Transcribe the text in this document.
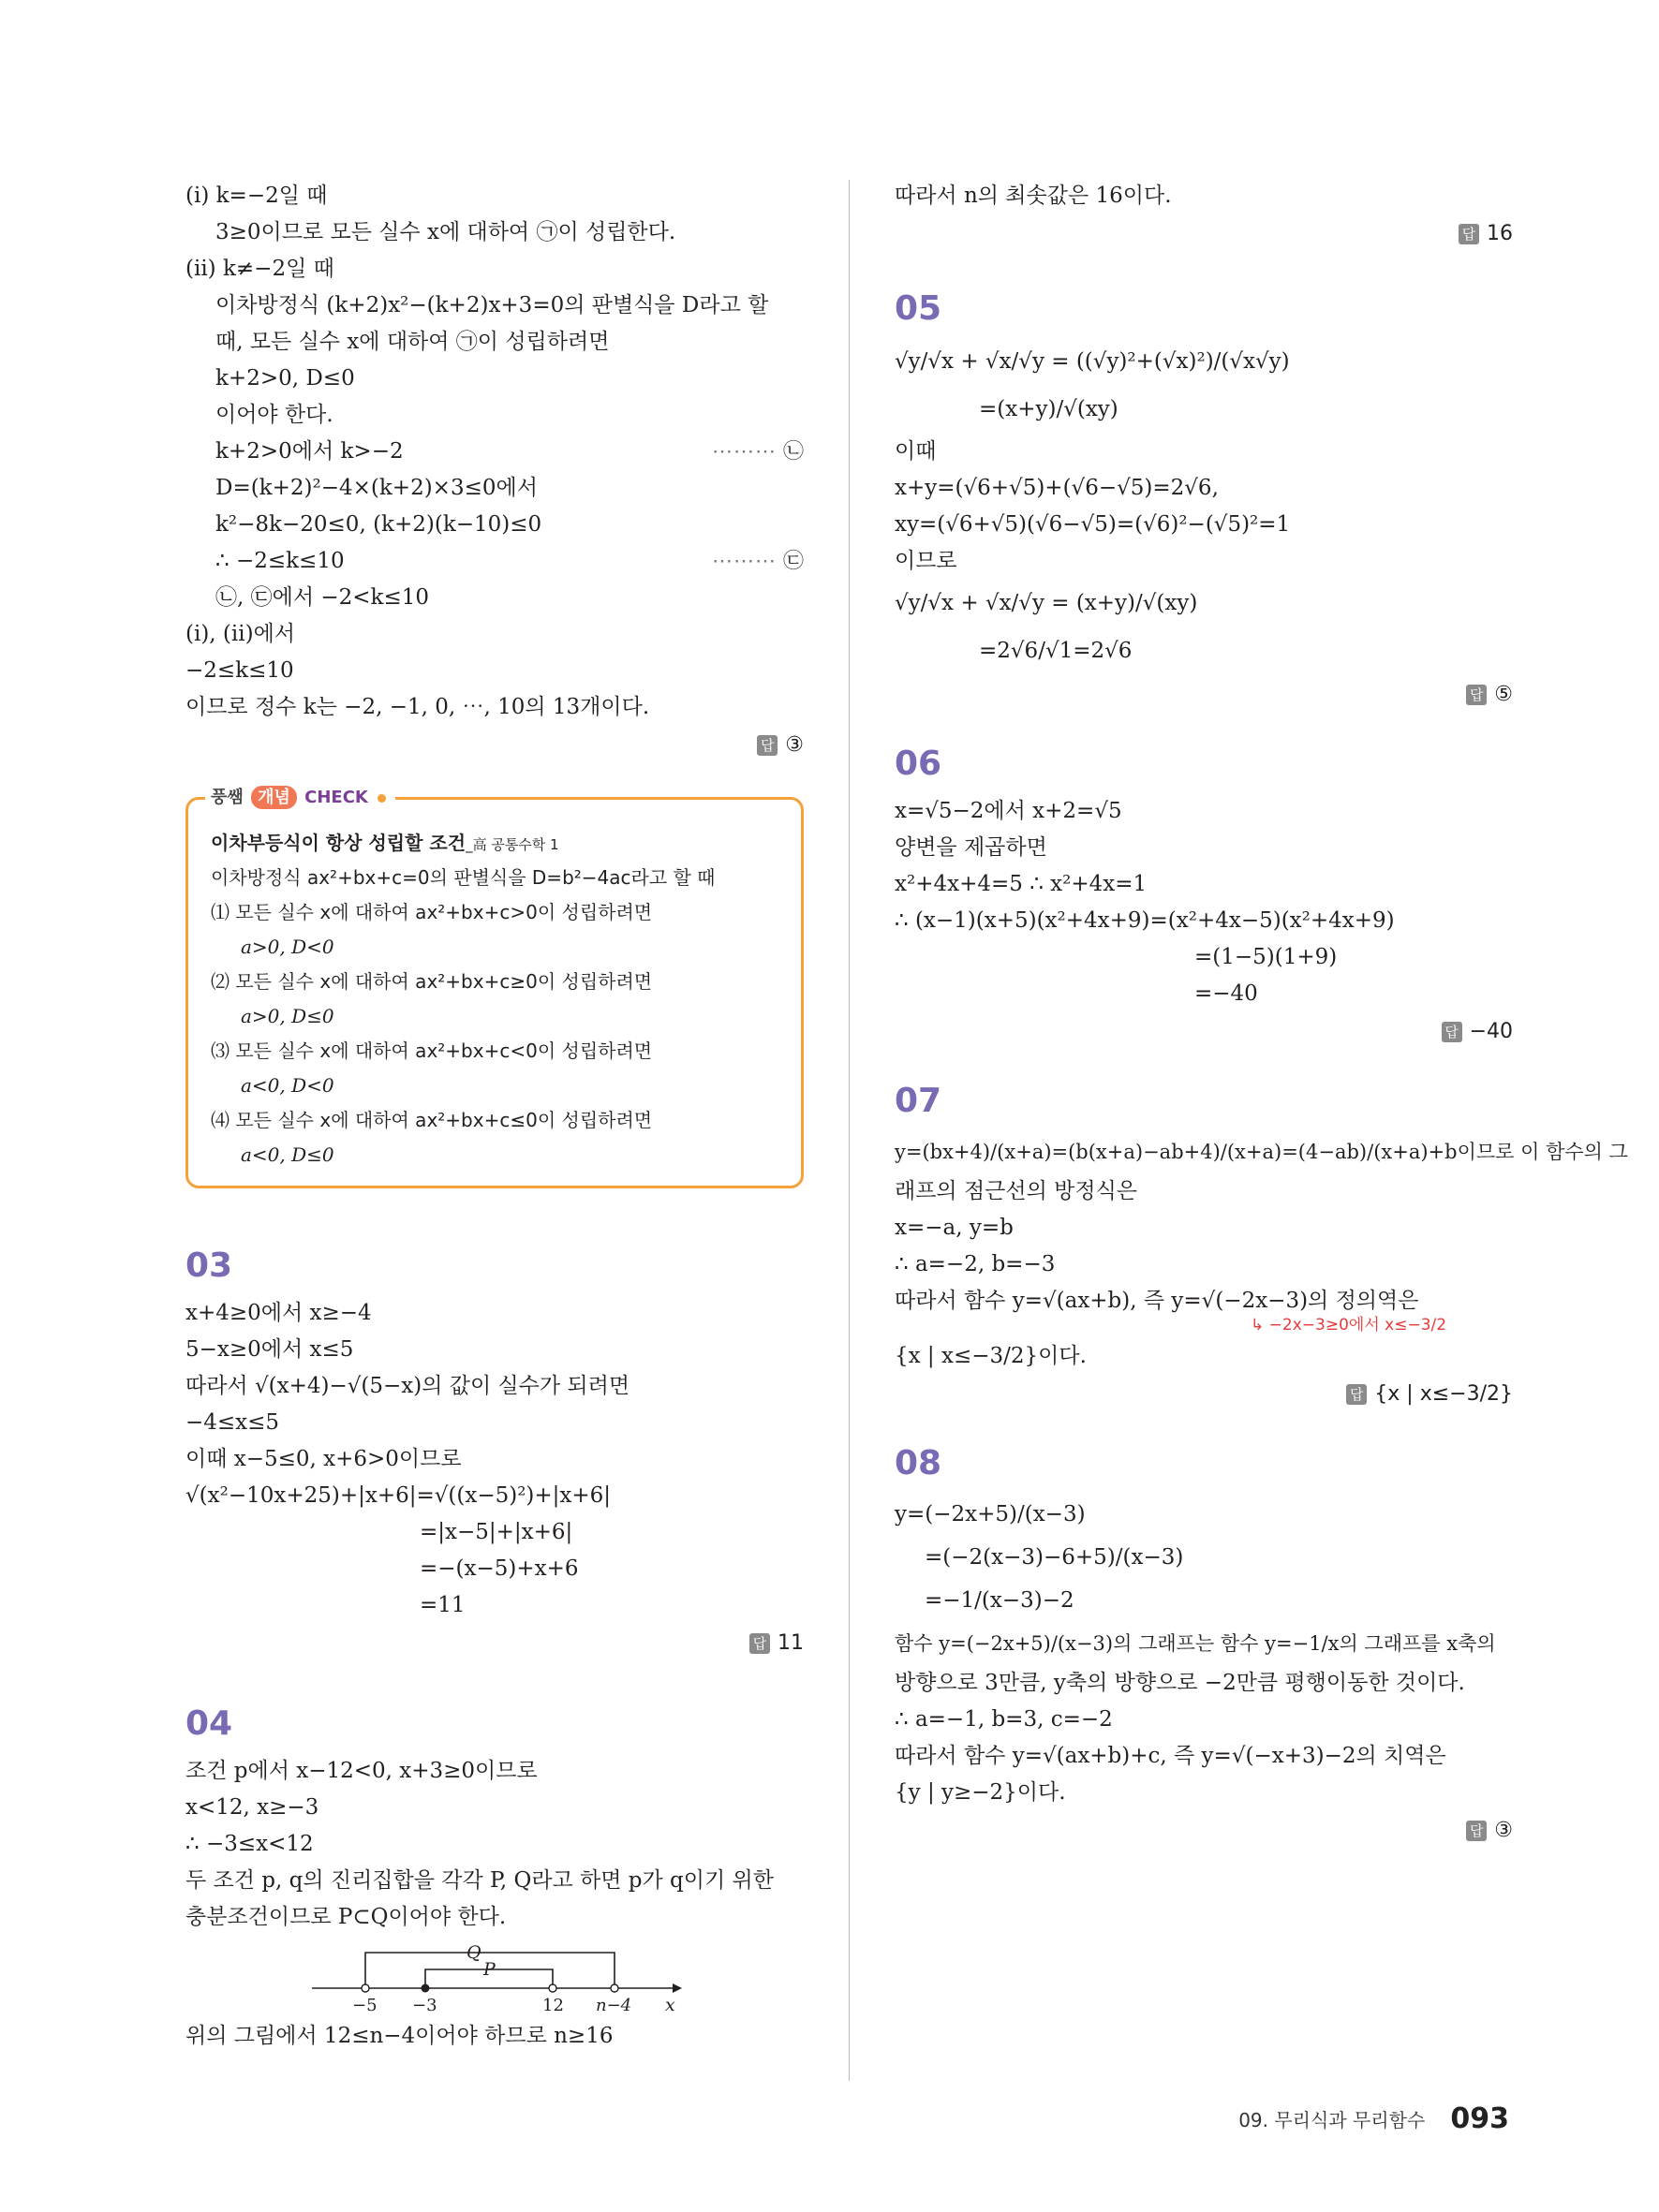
(ⅰ) k=−2일 때
3≥0이므로 모든 실수 x에 대하여 ㉠이 성립한다.
(ⅱ) k≠−2일 때
이차방정식 (k+2)x²−(k+2)x+3=0의 판별식을 D라고 할
때, 모든 실수 x에 대하여 ㉠이 성립하려면
k+2>0, D≤0
이어야 한다.
k+2>0에서 k>−2	⋯⋯⋯ ㉡
D=(k+2)²−4×(k+2)×3≤0에서
k²−8k−20≤0, (k+2)(k−10)≤0
∴ −2≤k≤10	⋯⋯⋯ ㉢
㉡, ㉢에서 −2<k≤10
(ⅰ), (ⅱ)에서
−2≤k≤10
이므로 정수 k는 −2, −1, 0, ⋯, 10의 13개이다.
답 ③
풍쌤 개념 CHECK
이차부등식이 항상 성립할 조건_高 공통수학 1
이차방정식 ax²+bx+c=0의 판별식을 D=b²−4ac라고 할 때
⑴ 모든 실수 x에 대하여 ax²+bx+c>0이 성립하려면
a>0, D<0
⑵ 모든 실수 x에 대하여 ax²+bx+c≥0이 성립하려면
a>0, D≤0
⑶ 모든 실수 x에 대하여 ax²+bx+c<0이 성립하려면
a<0, D<0
⑷ 모든 실수 x에 대하여 ax²+bx+c≤0이 성립하려면
a<0, D≤0
03
x+4≥0에서 x≥−4
5−x≥0에서 x≤5
따라서 √(x+4)−√(5−x)의 값이 실수가 되려면
−4≤x≤5
이때 x−5≤0, x+6>0이므로
√(x²−10x+25)+|x+6|=√((x−5)²)+|x+6|
=|x−5|+|x+6|
=−(x−5)+x+6
=11
답 11
04
조건 p에서 x−12<0, x+3≥0이므로
x<12, x≥−3
∴ −3≤x<12
두 조건 p, q의 진리집합을 각각 P, Q라고 하면 p가 q이기 위한
충분조건이므로 P⊂Q이어야 한다.
Q
P
−5 −3	12 n−4 x
위의 그림에서 12≤n−4이어야 하므로 n≥16
따라서 n의 최솟값은 16이다.
답 16
05
√y/√x + √x/√y = ((√y)²+(√x)²)/(√x√y)
=(x+y)/√(xy)
이때
x+y=(√6+√5)+(√6−√5)=2√6,
xy=(√6+√5)(√6−√5)=(√6)²−(√5)²=1
이므로
√y/√x + √x/√y = (x+y)/√(xy)
=2√6/√1=2√6
답 ⑤
06
x=√5−2에서 x+2=√5
양변을 제곱하면
x²+4x+4=5 ∴ x²+4x=1
∴ (x−1)(x+5)(x²+4x+9)=(x²+4x−5)(x²+4x+9)
=(1−5)(1+9)
=−40
답 −40
07
y=(bx+4)/(x+a)=(b(x+a)−ab+4)/(x+a)=(4−ab)/(x+a)+b이므로 이 함수의 그
래프의 점근선의 방정식은
x=−a, y=b
∴ a=−2, b=−3
따라서 함수 y=√(ax+b), 즉 y=√(−2x−3)의 정의역은
↳ −2x−3≥0에서 x≤−3/2
{x | x≤−3/2}이다.
답 {x | x≤−3/2}
08
y=(−2x+5)/(x−3)
=(−2(x−3)−6+5)/(x−3)
=−1/(x−3)−2
함수 y=(−2x+5)/(x−3)의 그래프는 함수 y=−1/x의 그래프를 x축의
방향으로 3만큼, y축의 방향으로 −2만큼 평행이동한 것이다.
∴ a=−1, b=3, c=−2
따라서 함수 y=√(ax+b)+c, 즉 y=√(−x+3)−2의 치역은
{y | y≥−2}이다.
답 ③
09. 무리식과 무리함수 093
